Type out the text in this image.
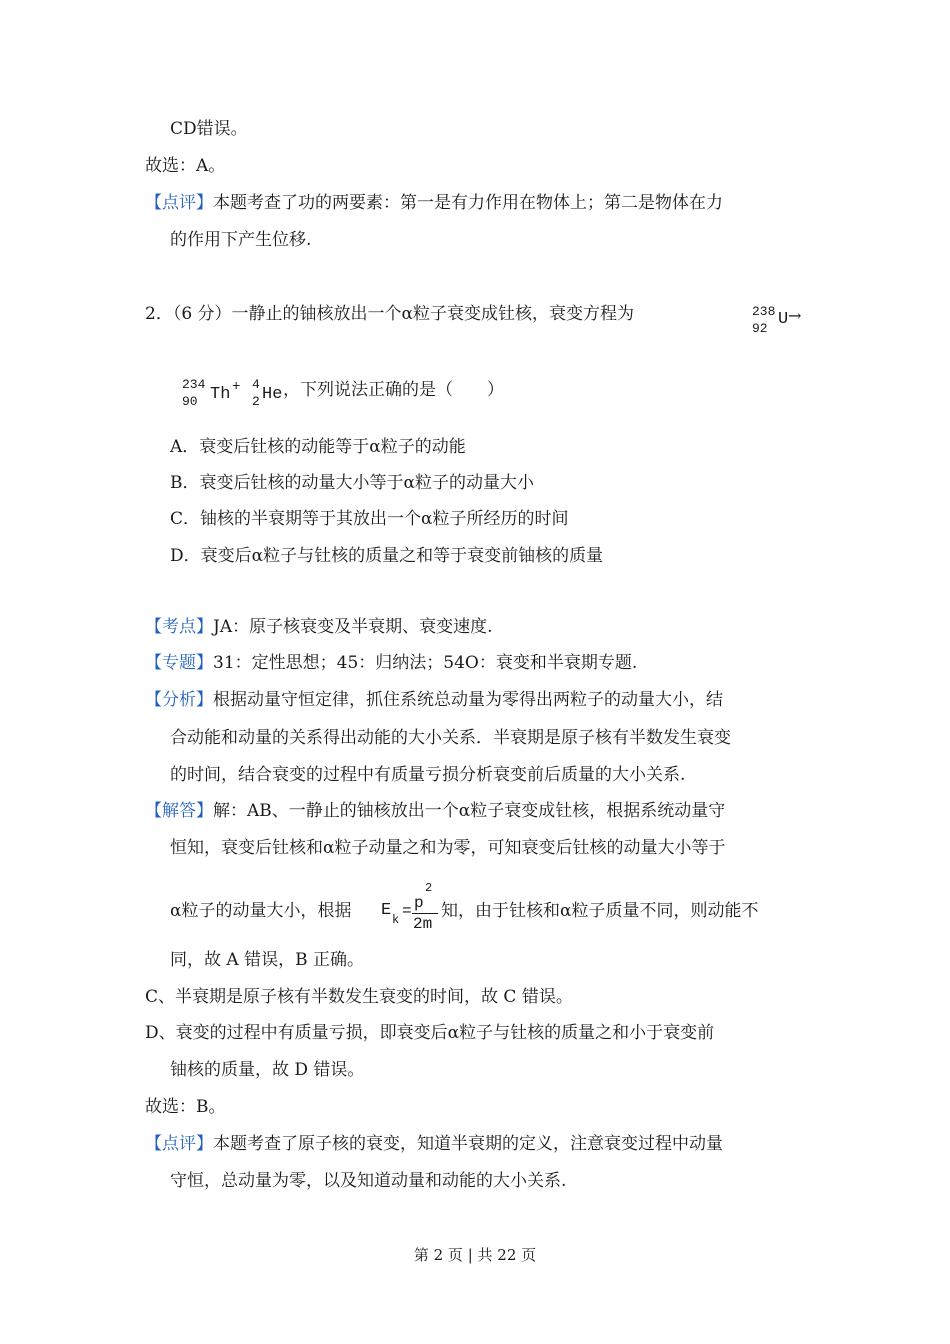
CD错误。
故选：A。
【点评】本题考查了功的两要素：第一是有力作用在物体上；第二是物体在力
的作用下产生位移.
2．（6 分）一静止的铀核放出一个α粒子衰变成钍核，衰变方程为	238
92 U →
234
90 Th + 4
2 He ，下列说法正确的是（　　）
A．衰变后钍核的动能等于α粒子的动能
B．衰变后钍核的动量大小等于α粒子的动量大小
C．铀核的半衰期等于其放出一个α粒子所经历的时间
D．衰变后α粒子与钍核的质量之和等于衰变前铀核的质量
【考点】JA：原子核衰变及半衰期、衰变速度.
【专题】31：定性思想；45：归纳法；54O：衰变和半衰期专题.
【分析】根据动量守恒定律，抓住系统总动量为零得出两粒子的动量大小，结
合动能和动量的关系得出动能的大小关系．半衰期是原子核有半数发生衰变
的时间，结合衰变的过程中有质量亏损分析衰变前后质量的大小关系.
【解答】解：AB、一静止的铀核放出一个α粒子衰变成钍核，根据系统动量守
恒知，衰变后钍核和α粒子动量之和为零，可知衰变后钍核的动量大小等于
α粒子的动量大小，根据 E k = p
2
2m
知，由于钍核和α粒子质量不同，则动能不
同，故 A 错误，B 正确。
C、半衰期是原子核有半数发生衰变的时间，故 C 错误。
D、衰变的过程中有质量亏损，即衰变后α粒子与钍核的质量之和小于衰变前
铀核的质量，故 D 错误。
故选：B。
【点评】本题考查了原子核的衰变，知道半衰期的定义，注意衰变过程中动量
守恒，总动量为零，以及知道动量和动能的大小关系.
第 2 页 | 共 22 页
